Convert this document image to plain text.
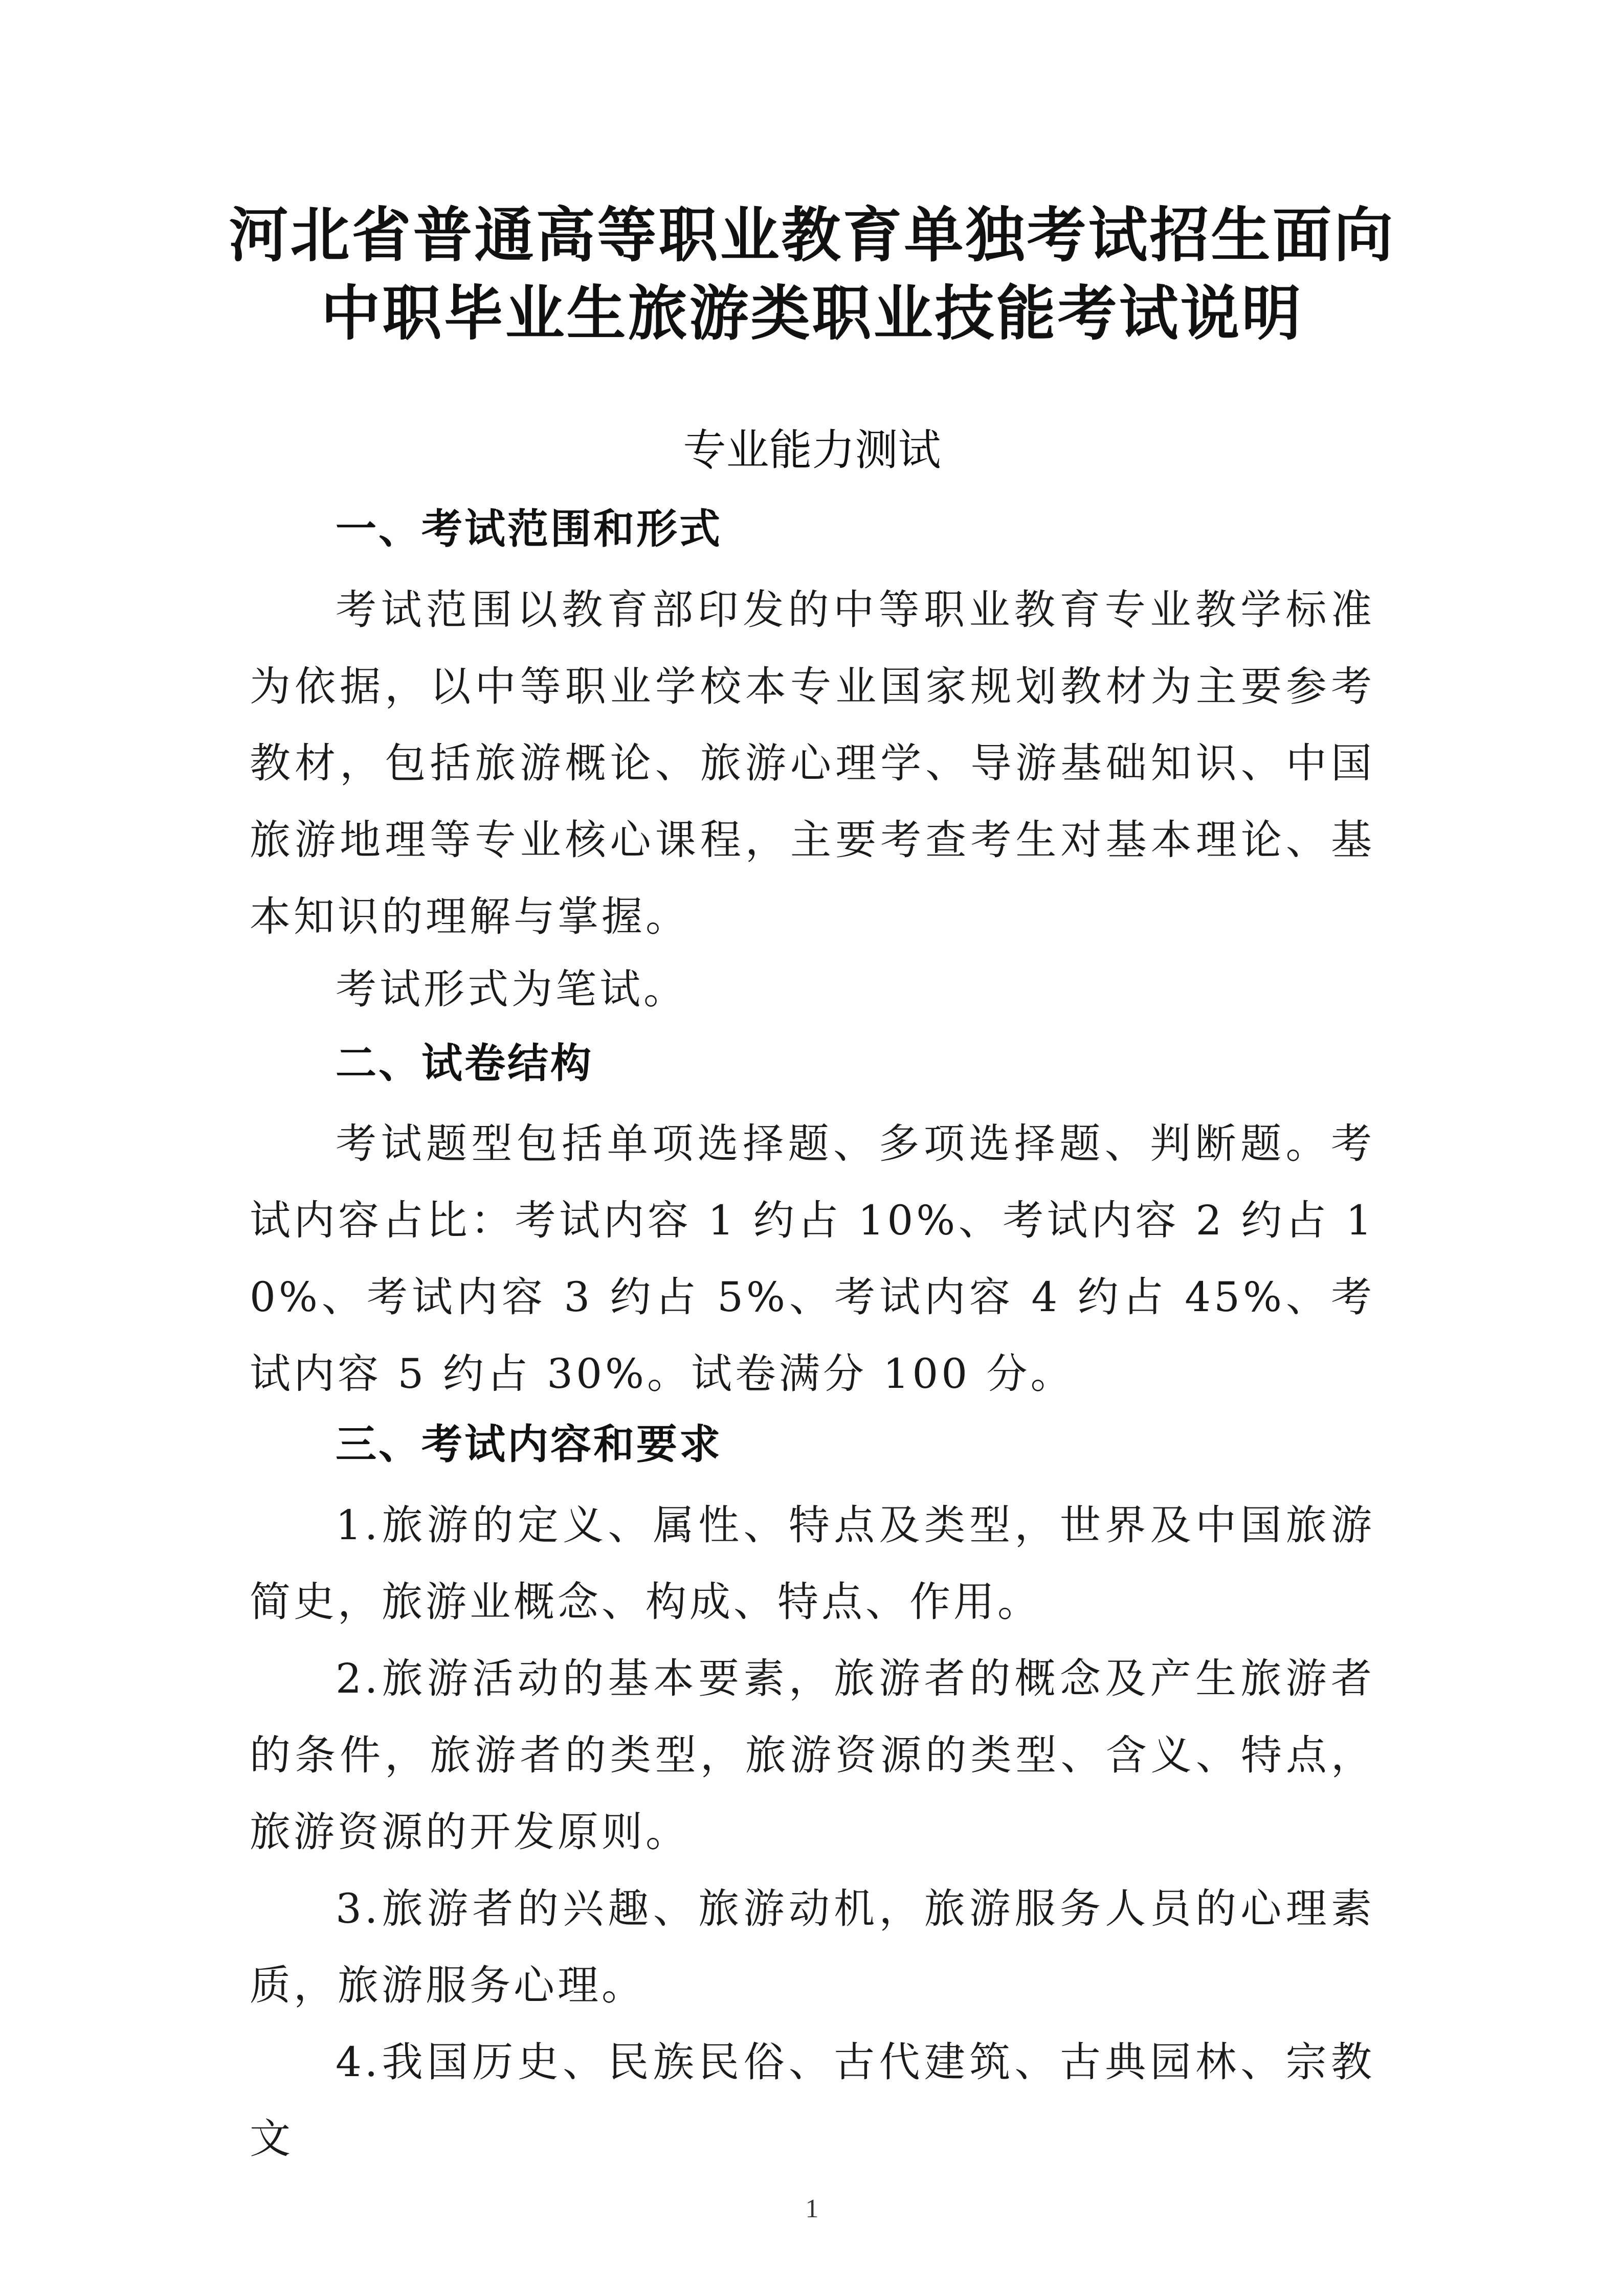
河北省普通高等职业教育单独考试招生面向
中职毕业生旅游类职业技能考试说明
专业能力测试
一、考试范围和形式

考试范围以教育部印发的中等职业教育专业教学标准为依据，以中等职业学校本专业国家规划教材为主要参考教材，包括旅游概论、旅游心理学、导游基础知识、中国旅游地理等专业核心课程，主要考查考生对基本理论、基本知识的理解与掌握。

考试形式为笔试。

二、试卷结构

考试题型包括单项选择题、多项选择题、判断题。考试内容占比：考试内容 1 约占 10%、考试内容 2 约占 10%、考试内容 3 约占 5%、考试内容 4 约占 45%、考试内容 5 约占 30%。试卷满分 100 分。

三、考试内容和要求

1.旅游的定义、属性、特点及类型，世界及中国旅游简史，旅游业概念、构成、特点、作用。

2.旅游活动的基本要素，旅游者的概念及产生旅游者的条件，旅游者的类型，旅游资源的类型、含义、特点，旅游资源的开发原则。

3.旅游者的兴趣、旅游动机，旅游服务人员的心理素质，旅游服务心理。

4.我国历史、民族民俗、古代建筑、古典园林、宗教文

1
